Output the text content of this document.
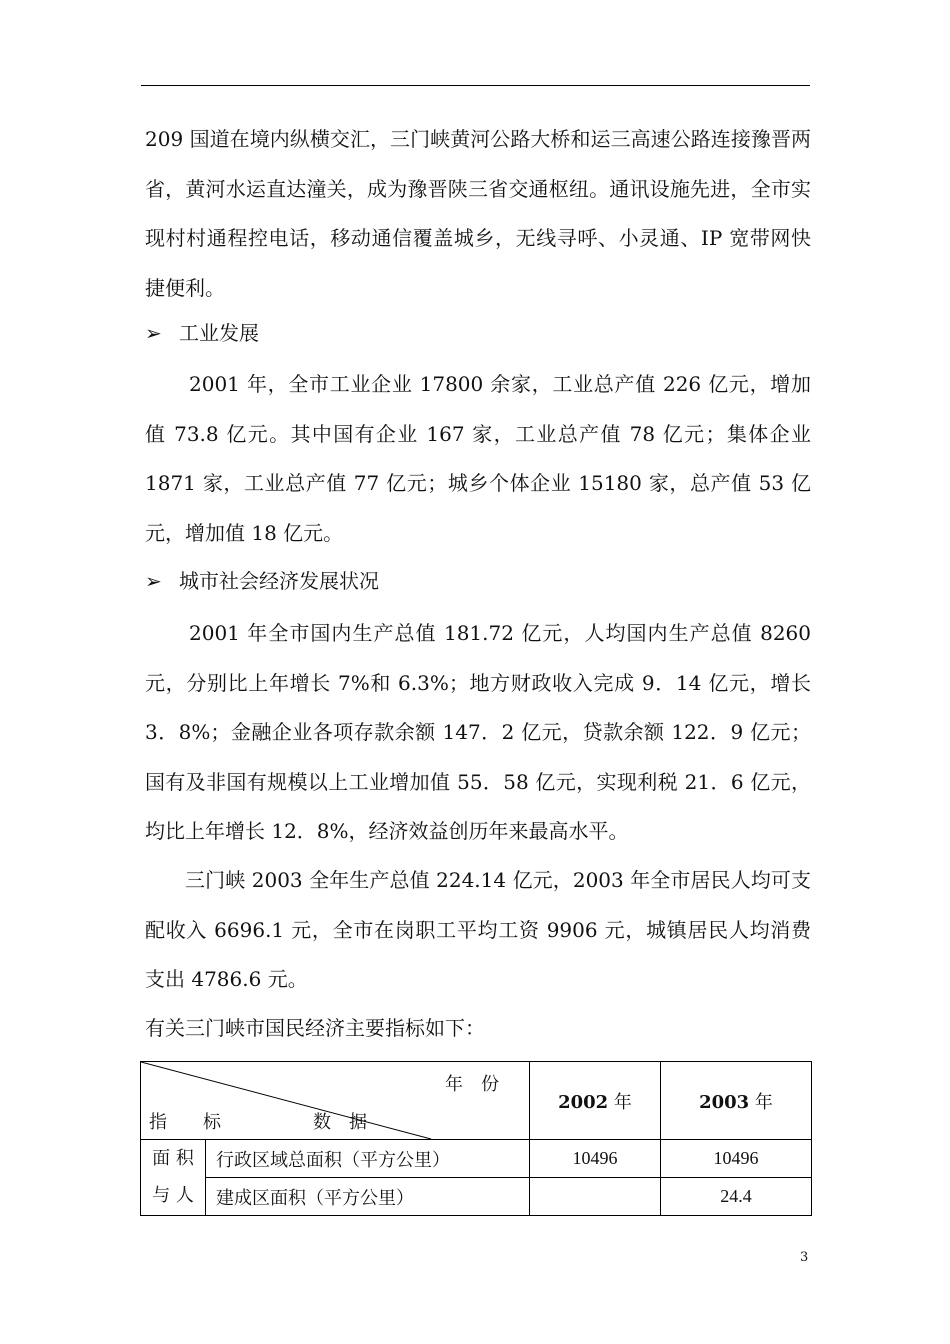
209 国道在境内纵横交汇，三门峡黄河公路大桥和运三高速公路连接豫晋两省，黄河水运直达潼关，成为豫晋陕三省交通枢纽。通讯设施先进，全市实现村村通程控电话，移动通信覆盖城乡，无线寻呼、小灵通、IP 宽带网快捷便利。

➢ 工业发展

2001 年，全市工业企业 17800 余家，工业总产值 226 亿元，增加值 73.8 亿元。其中国有企业 167 家，工业总产值 78 亿元；集体企业 1871 家，工业总产值 77 亿元；城乡个体企业 15180 家，总产值 53 亿元，增加值 18 亿元。

➢ 城市社会经济发展状况

2001 年全市国内生产总值 181.72 亿元，人均国内生产总值 8260 元，分别比上年增长 7%和 6.3%；地方财政收入完成 9．14 亿元，增长 3．8%；金融企业各项存款余额 147．2 亿元，贷款余额 122．9 亿元；国有及非国有规模以上工业增加值 55．58 亿元，实现利税 21．6 亿元，均比上年增长 12．8%，经济效益创历年来最高水平。

三门峡 2003 全年生产总值 224.14 亿元，2003 年全市居民人均可支配收入 6696.1 元，全市在岗职工平均工资 9906 元，城镇居民人均消费支出 4786.6 元。

有关三门峡市国民经济主要指标如下：

年　份
指　　标 数　据		2002 年	2003 年
面 积 与 人	行政区域总面积（平方公里）	10496	10496
	建成区面积（平方公里）		24.4
3
